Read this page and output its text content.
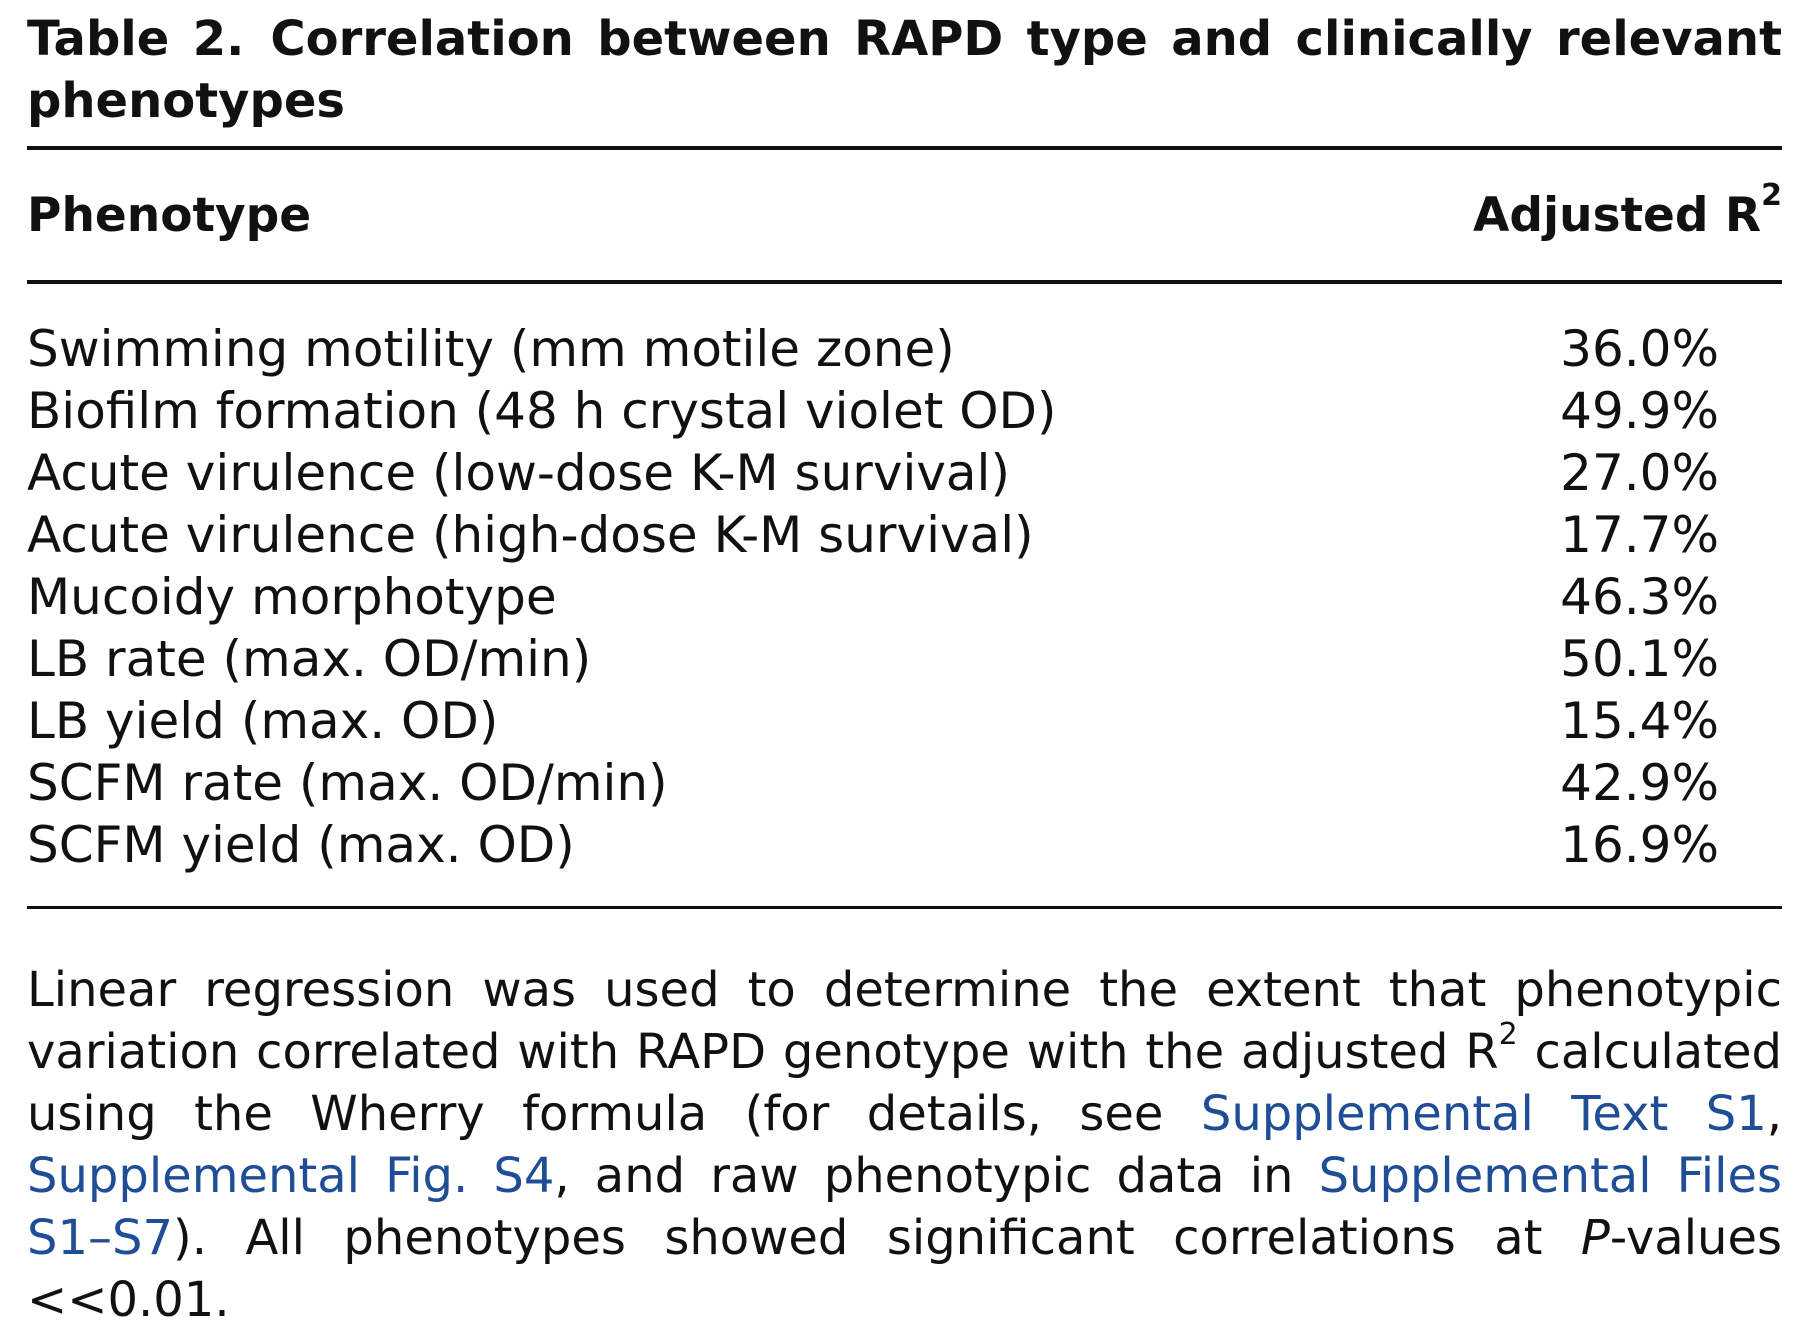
Table 2. Correlation between RAPD type and clinically relevant phenotypes

Phenotype	Adjusted $R^2$
Swimming motility (mm motile zone)	36.0%
Biofilm formation (48 h crystal violet OD)	49.9%
Acute virulence (low-dose K-M survival)	27.0%
Acute virulence (high-dose K-M survival)	17.7%
Mucoidy morphotype	46.3%
LB rate (max. OD/min)	50.1%
LB yield (max. OD)	15.4%
SCFM rate (max. OD/min)	42.9%
SCFM yield (max. OD)	16.9%

Linear regression was used to determine the extent that phenotypic variation correlated with RAPD genotype with the adjusted $R^2$ calculated using the Wherry formula (for details, see Supplemental Text S1, Supplemental Fig. S4, and raw phenotypic data in Supplemental Files S1–S7). All phenotypes showed significant correlations at P-values <<0.01.
